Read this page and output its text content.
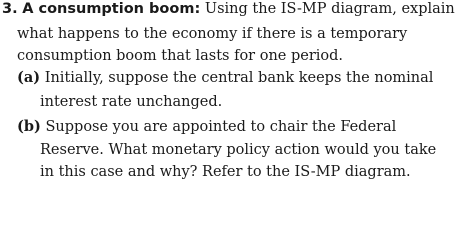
3. A consumption boom: Using the IS-MP diagram, explain
what happens to the economy if there is a temporary
consumption boom that lasts for one period.
(a) Initially, suppose the central bank keeps the nominal
interest rate unchanged.
(b) Suppose you are appointed to chair the Federal
Reserve. What monetary policy action would you take
in this case and why? Refer to the IS-MP diagram.
